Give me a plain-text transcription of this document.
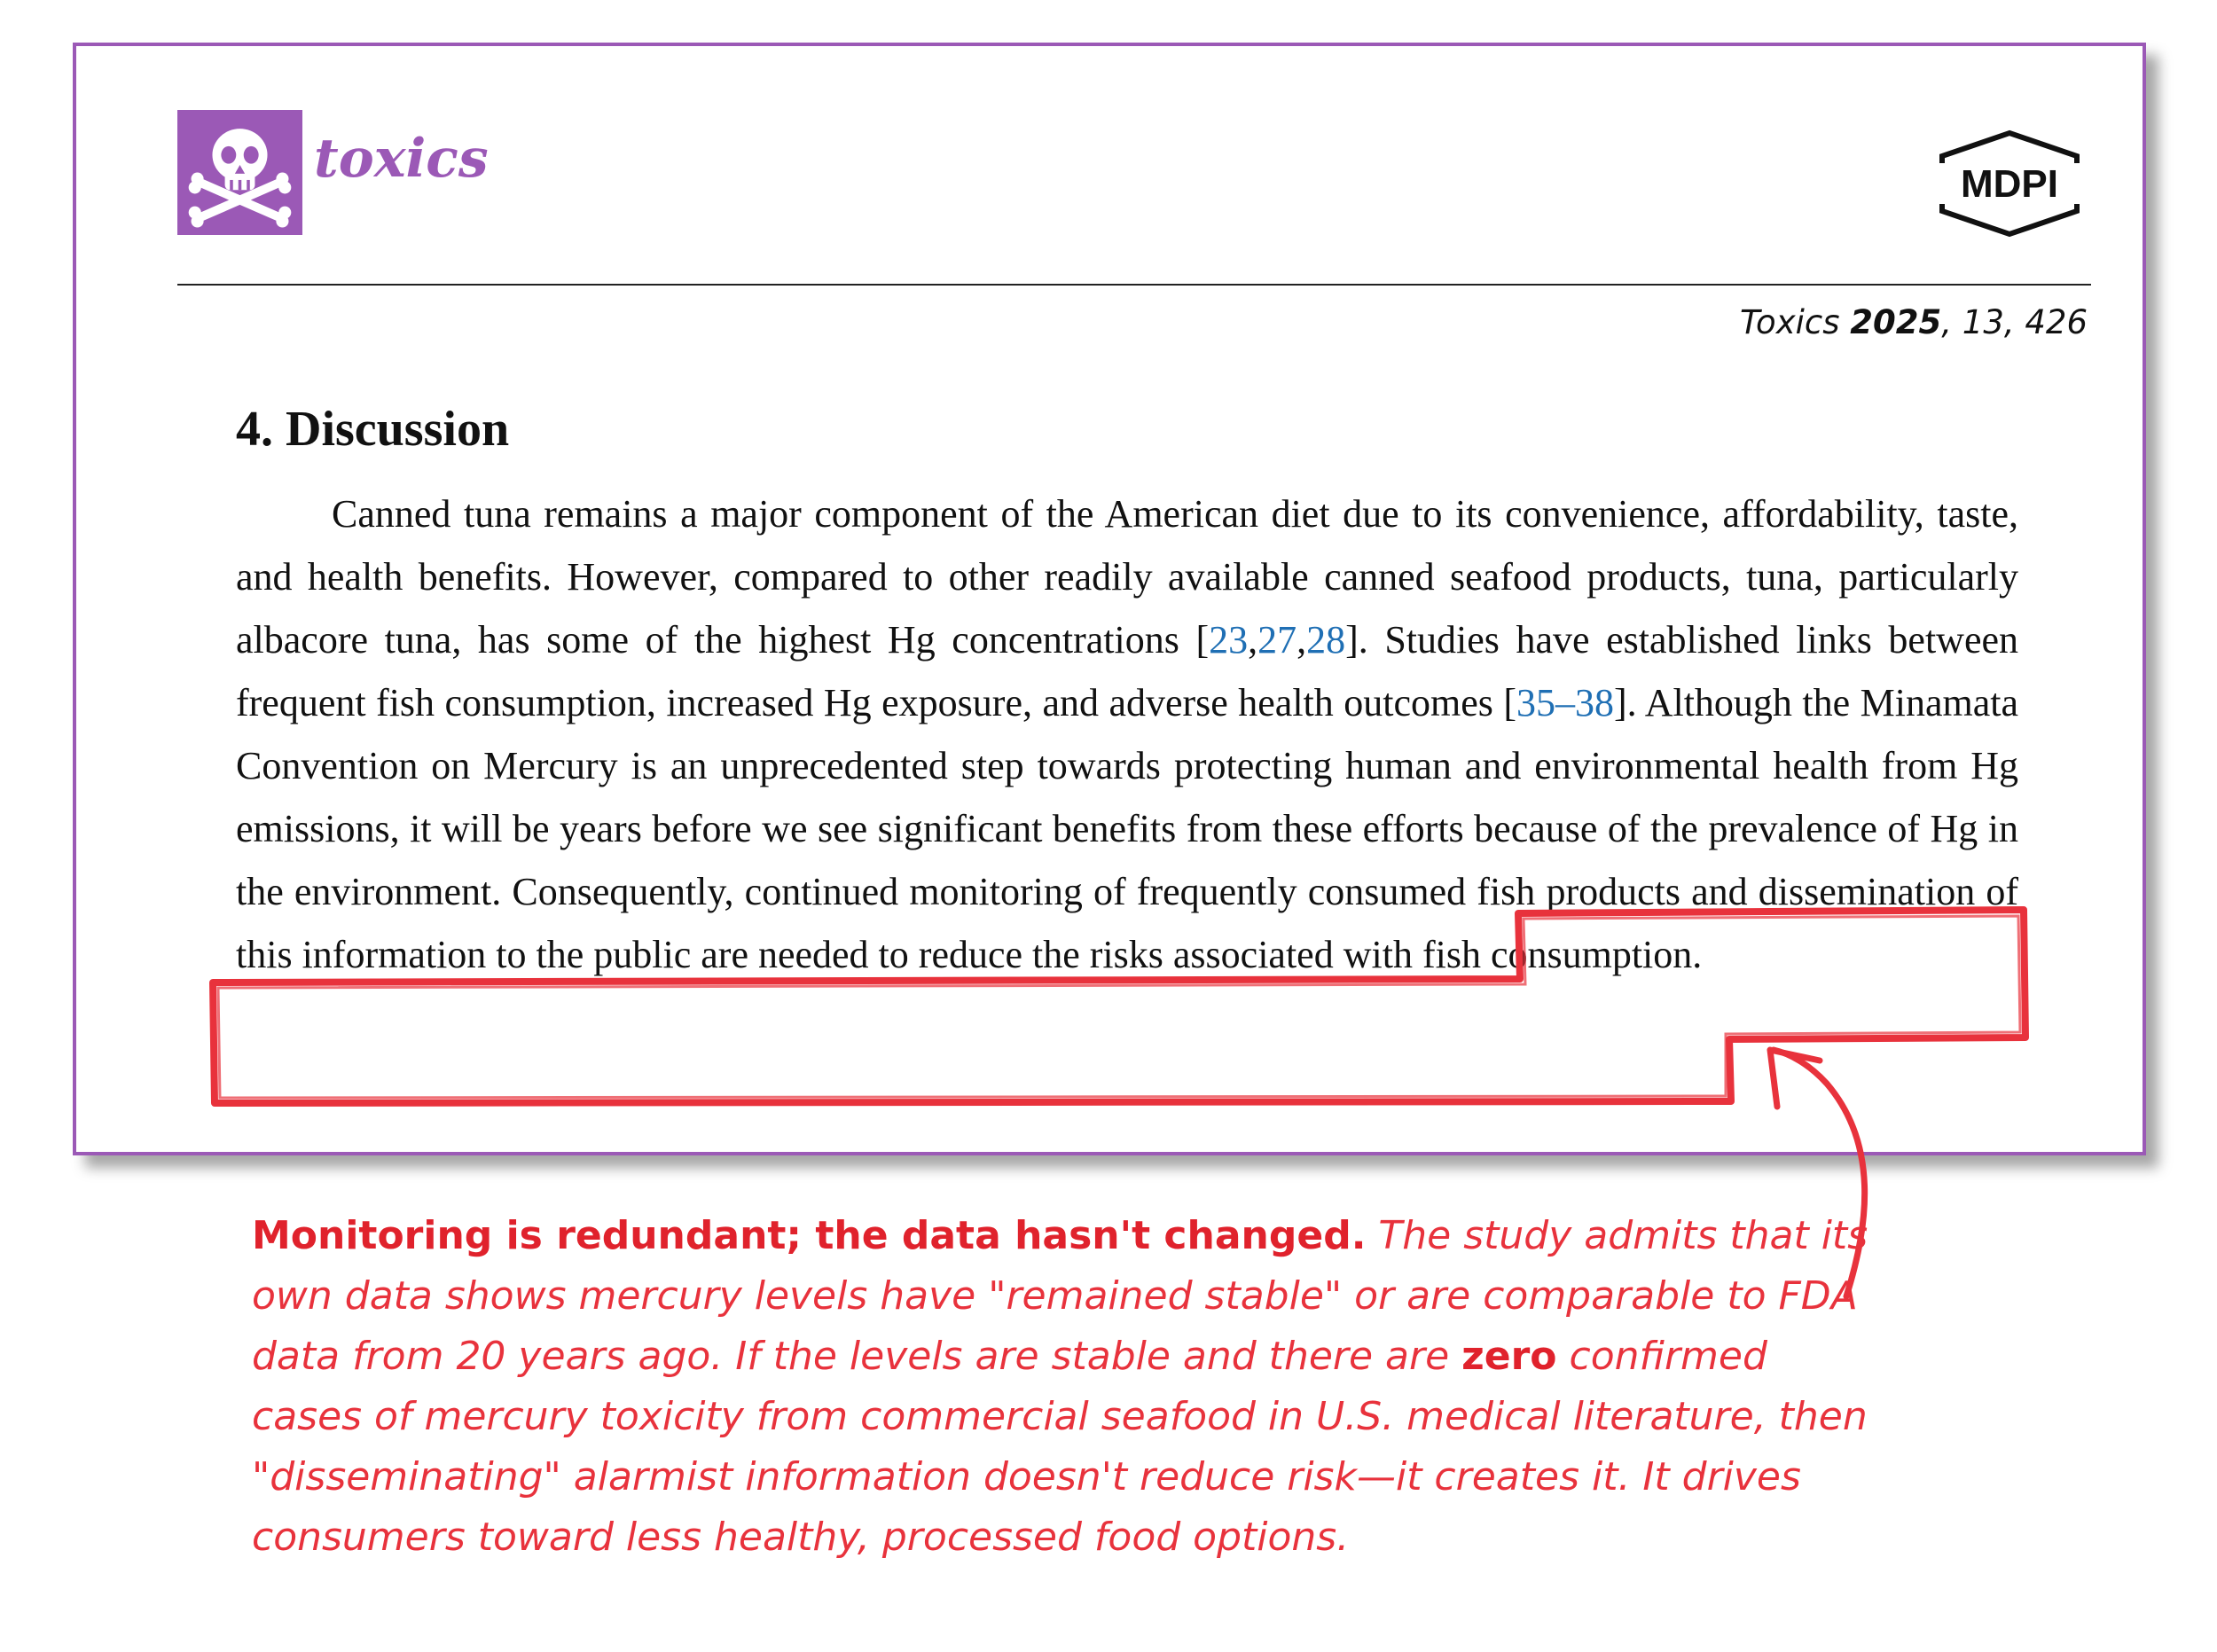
toxics	MDPI
Toxics 2025, 13, 426
4. Discussion

Canned tuna remains a major component of the American diet due to its convenience, affordability, taste, and health benefits. However, compared to other readily available canned seafood products, tuna, particularly albacore tuna, has some of the highest Hg concentrations [23,27,28]. Studies have established links between frequent fish consumption, increased Hg exposure, and adverse health outcomes [35–38]. Although the Minamata Convention on Mercury is an unprecedented step towards protecting human and environmental health from Hg emissions, it will be years before we see significant benefits from these efforts because of the prevalence of Hg in the environment. Consequently, continued monitoring of frequently consumed fish products and dissemination of this information to the public are needed to reduce the risks associated with fish consumption.

Monitoring is redundant; the data hasn't changed. The study admits that its own data shows mercury levels have "remained stable" or are comparable to FDA data from 20 years ago. If the levels are stable and there are zero confirmed cases of mercury toxicity from commercial seafood in U.S. medical literature, then "disseminating" alarmist information doesn't reduce risk—it creates it. It drives consumers toward less healthy, processed food options.
